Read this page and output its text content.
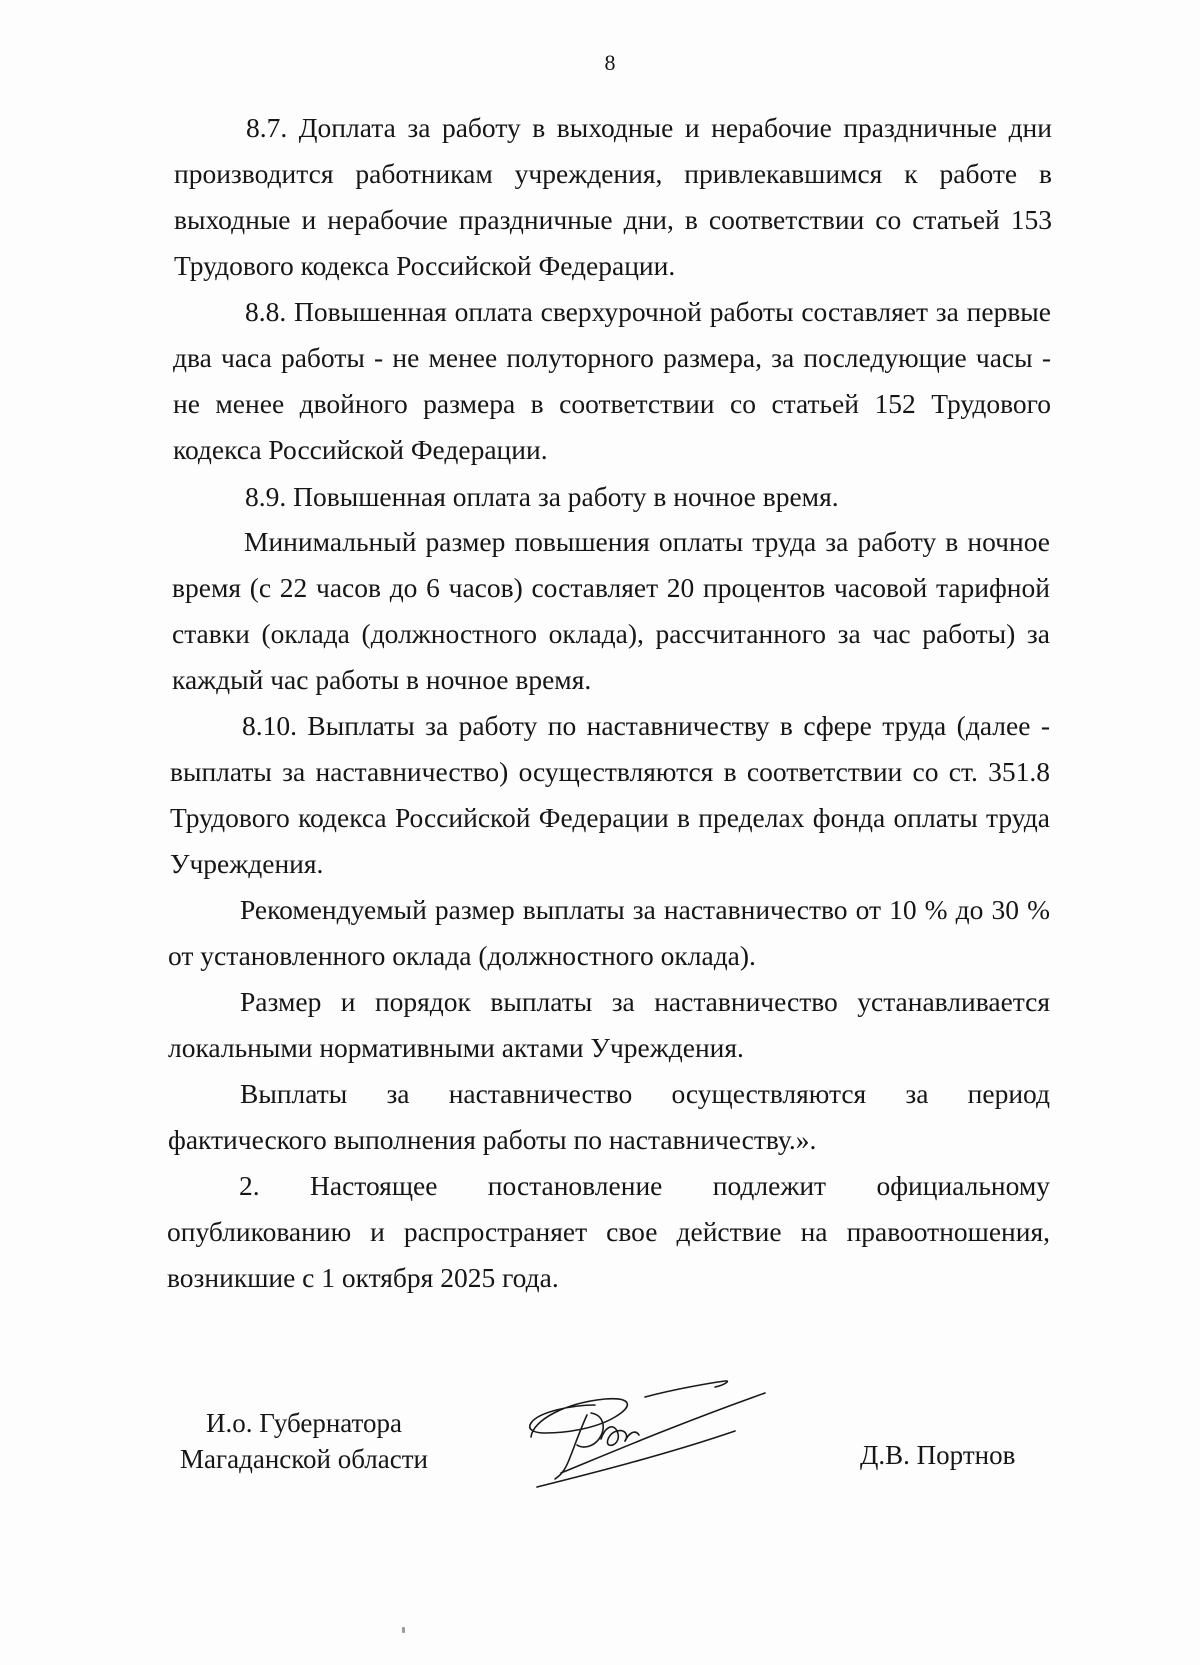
8

8.7. Доплата за работу в выходные и нерабочие праздничные дни производится работникам учреждения, привлекавшимся к работе в выходные и нерабочие праздничные дни, в соответствии со статьей 153 Трудового кодекса Российской Федерации.

8.8. Повышенная оплата сверхурочной работы составляет за первые два часа работы - не менее полуторного размера, за последующие часы - не менее двойного размера в соответствии со статьей 152 Трудового кодекса Российской Федерации.

8.9. Повышенная оплата за работу в ночное время.

Минимальный размер повышения оплаты труда за работу в ночное время (с 22 часов до 6 часов) составляет 20 процентов часовой тарифной ставки (оклада (должностного оклада), рассчитанного за час работы) за каждый час работы в ночное время.

8.10. Выплаты за работу по наставничеству в сфере труда (далее - выплаты за наставничество) осуществляются в соответствии со ст. 351.8 Трудового кодекса Российской Федерации в пределах фонда оплаты труда Учреждения.

Рекомендуемый размер выплаты за наставничество от 10 % до 30 % от установленного оклада (должностного оклада).

Размер и порядок выплаты за наставничество устанавливается локальными нормативными актами Учреждения.

Выплаты за наставничество осуществляются за период фактического выполнения работы по наставничеству.».

2. Настоящее постановление подлежит официальному опубликованию и распространяет свое действие на правоотношения, возникшие с 1 октября 2025 года.

И.о. Губернатора
Магаданской области	Д.В. Портнов
